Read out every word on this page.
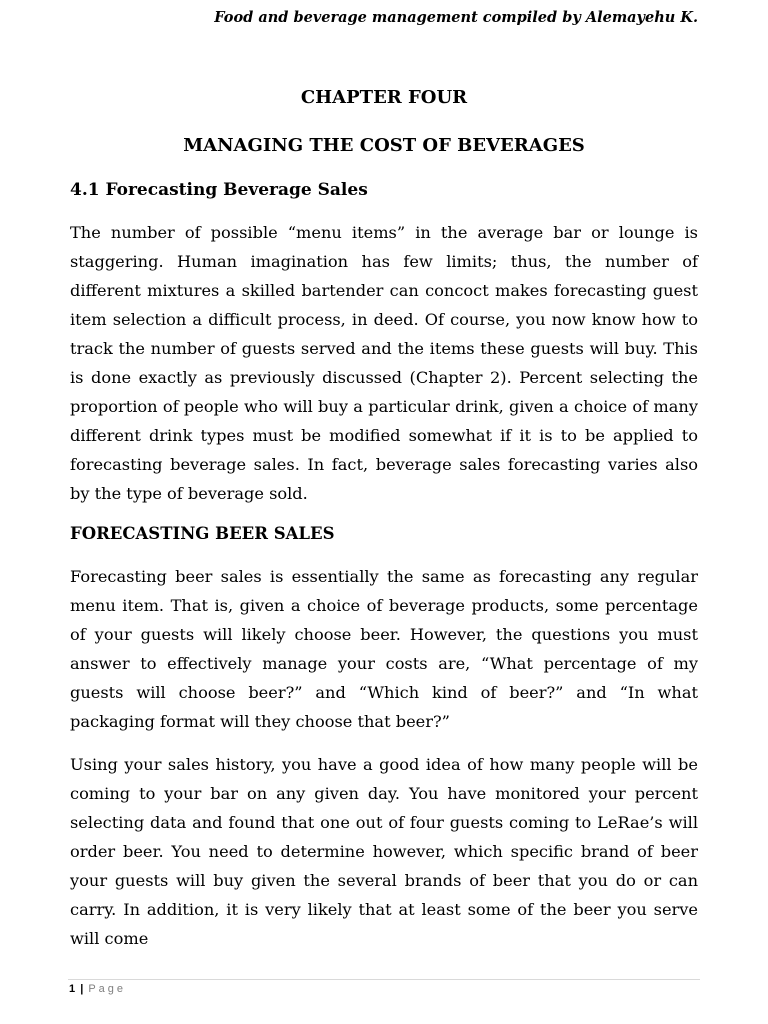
Food and beverage management compiled by Alemayehu K.
CHAPTER FOUR
MANAGING THE COST OF BEVERAGES
4.1 Forecasting Beverage Sales

The number of possible “menu items” in the average bar or lounge is staggering. Human imagination has few limits; thus, the number of different mixtures a skilled bartender can concoct makes forecasting guest item selection a difficult process, in deed. Of course, you now know how to track the number of guests served and the items these guests will buy. This is done exactly as previously discussed (Chapter 2). Percent selecting the proportion of people who will buy a particular drink, given a choice of many different drink types must be modified somewhat if it is to be applied to forecasting beverage sales. In fact, beverage sales forecasting varies also by the type of beverage sold.

FORECASTING BEER SALES

Forecasting beer sales is essentially the same as forecasting any regular menu item. That is, given a choice of beverage products, some percentage of your guests will likely choose beer. However, the questions you must answer to effectively manage your costs are, “What percentage of my guests will choose beer?” and “Which kind of beer?” and “In what packaging format will they choose that beer?”

Using your sales history, you have a good idea of how many people will be coming to your bar on any given day. You have monitored your percent selecting data and found that one out of four guests coming to LeRae’s will order beer. You need to determine however, which specific brand of beer your guests will buy given the several brands of beer that you do or can carry. In addition, it is very likely that at least some of the beer you serve will come

1 | Page
